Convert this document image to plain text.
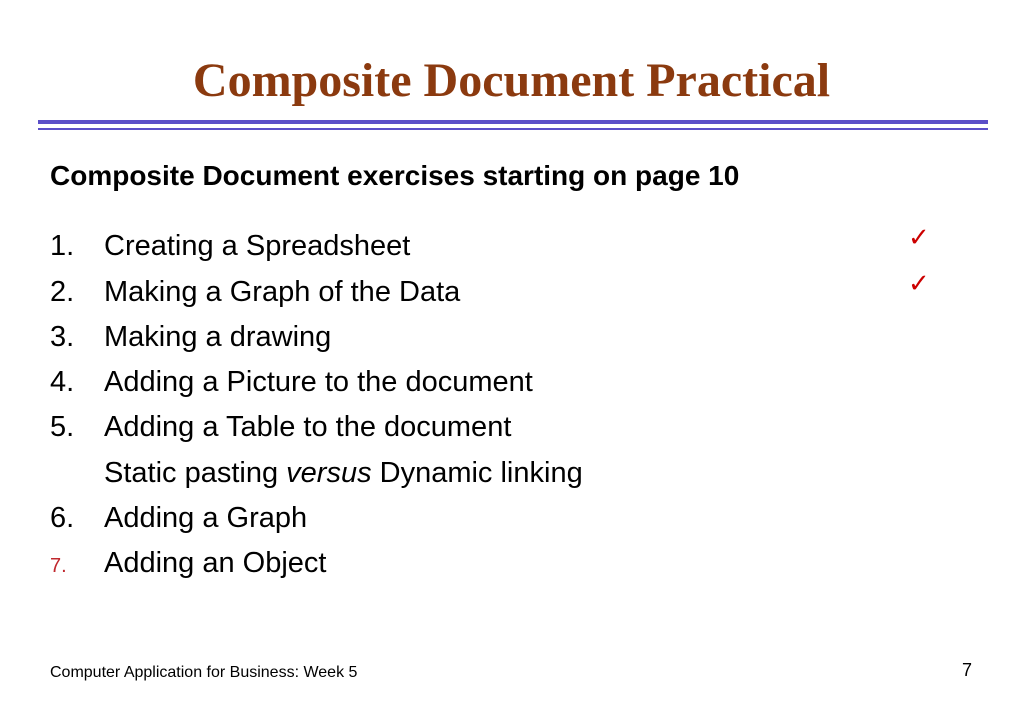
Composite Document Practical
Composite Document exercises starting on page 10
1. Creating a Spreadsheet	✓
2. Making a Graph of the Data	✓
3. Making a drawing
4. Adding a Picture to the document
5. Adding a Table to the document
6. Adding a Graph
7. Adding an Object
Static pasting versus Dynamic linking
Computer Application for Business: Week 5	7
